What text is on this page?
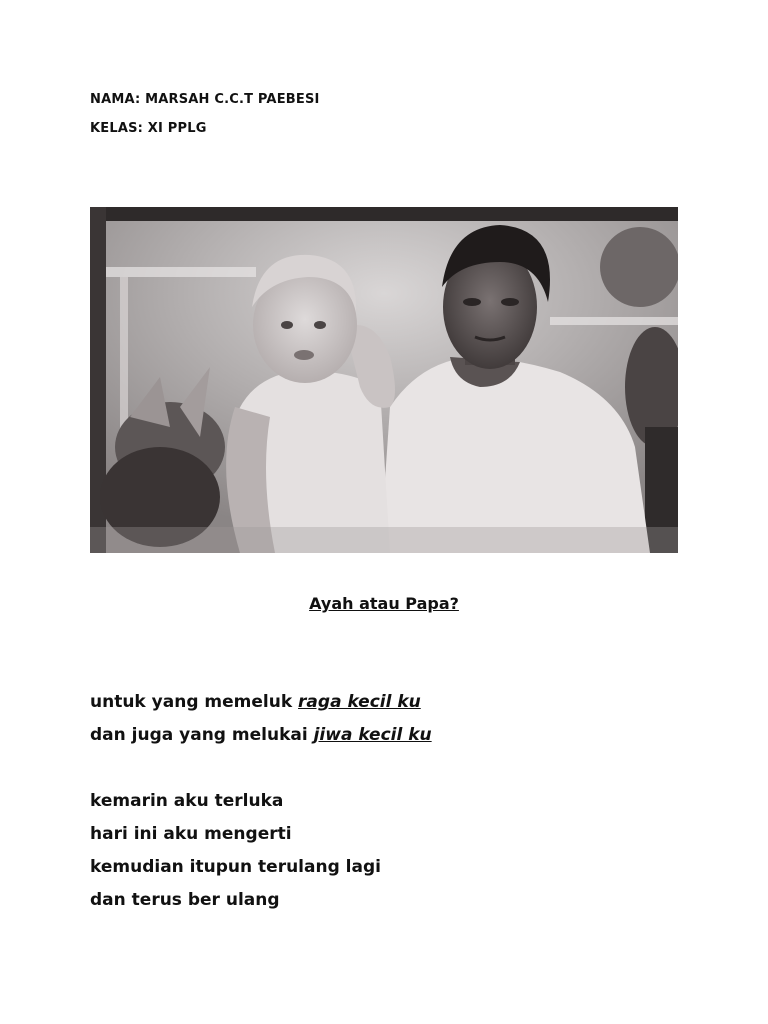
NAMA: MARSAH C.C.T PAEBESI
KELAS: XI PPLG
Ayah atau Papa?
untuk yang memeluk raga kecil ku
dan juga yang melukai jiwa kecil ku
kemarin aku terluka
hari ini aku mengerti
kemudian itupun terulang lagi
dan terus ber ulang
